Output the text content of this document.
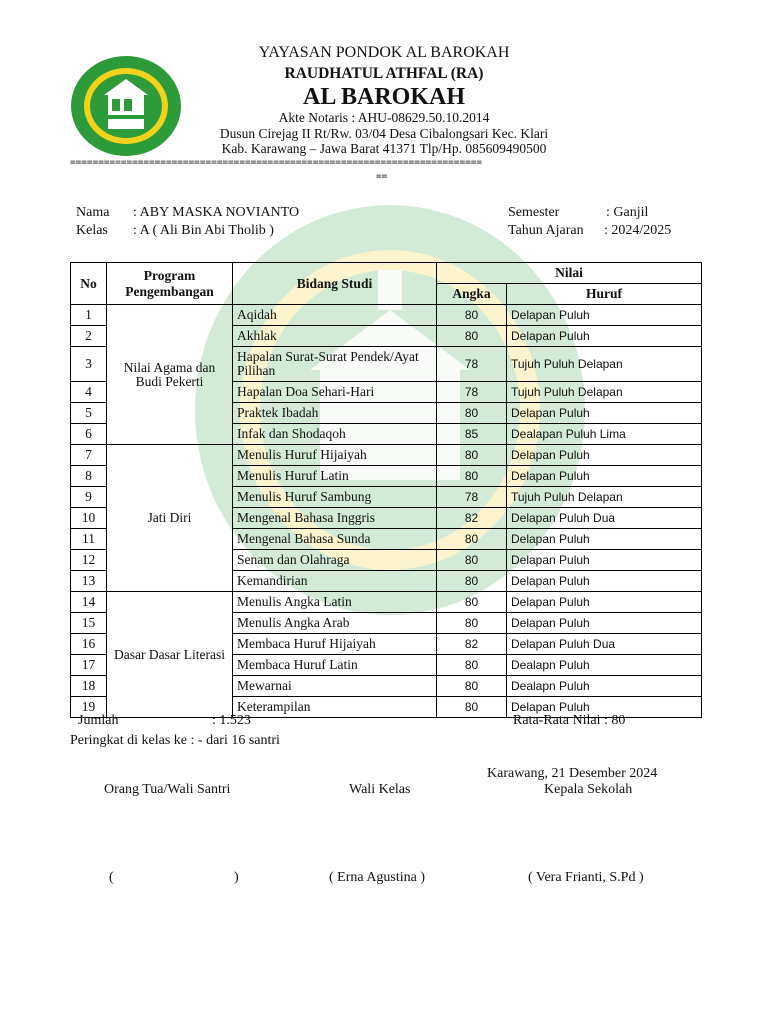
YAYASAN PONDOK AL BAROKAH
RAUDHATUL ATHFAL (RA)
AL BAROKAH
Akte Notaris : AHU-08629.50.10.2014
Dusun Cirejag II Rt/Rw. 03/04 Desa Cibalongsari Kec. Klari
Kab. Karawang – Jawa Barat 41371 Tlp/Hp. 085609490500
=========================================================================
==
Nama : ABY MASKA NOVIANTO
Kelas : A ( Ali Bin Abi Tholib )
Semester	: Ganjil
Tahun Ajaran : 2024/2025
No	Program Pengembangan	Bidang Studi	Nilai	
			Angka	Huruf
1	Nilai Agama dan Budi Pekerti	Aqidah	80	Delapan Puluh
2		Akhlak	80	Delapan Puluh
3		Hapalan Surat-Surat Pendek/Ayat Pilihan	78	Tujuh Puluh Delapan
4		Hapalan Doa Sehari-Hari	78	Tujuh Puluh Delapan
5		Praktek Ibadah	80	Delapan Puluh
6		Infak dan Shodaqoh	85	Dealapan Puluh Lima
7	Jati Diri	Menulis Huruf Hijaiyah	80	Delapan Puluh
8		Menulis Huruf Latin	80	Delapan Puluh
9		Menulis Huruf Sambung	78	Tujuh Puluh Delapan
10		Mengenal Bahasa Inggris	82	Delapan Puluh Dua
11		Mengenal Bahasa Sunda	80	Delapan Puluh
12		Senam dan Olahraga	80	Delapan Puluh
13		Kemandirian	80	Delapan Puluh
14	Dasar Dasar Literasi	Menulis Angka Latin	80	Delapan Puluh
15		Menulis Angka Arab	80	Delapan Puluh
16		Membaca Huruf Hijaiyah	82	Delapan Puluh Dua
17		Membaca Huruf Latin	80	Dealapn Puluh
18		Mewarnai	80	Dealapn Puluh
19		Keterampilan	80	Delapan Puluh
Jumlah	: 1.523	Rata-Rata Nilai : 80
Peringkat di kelas ke : - dari 16 santri
Karawang, 21 Desember 2024
Orang Tua/Wali Santri	Wali Kelas	Kepala Sekolah
(	)	( Erna Agustina )	( Vera Frianti, S.Pd )
